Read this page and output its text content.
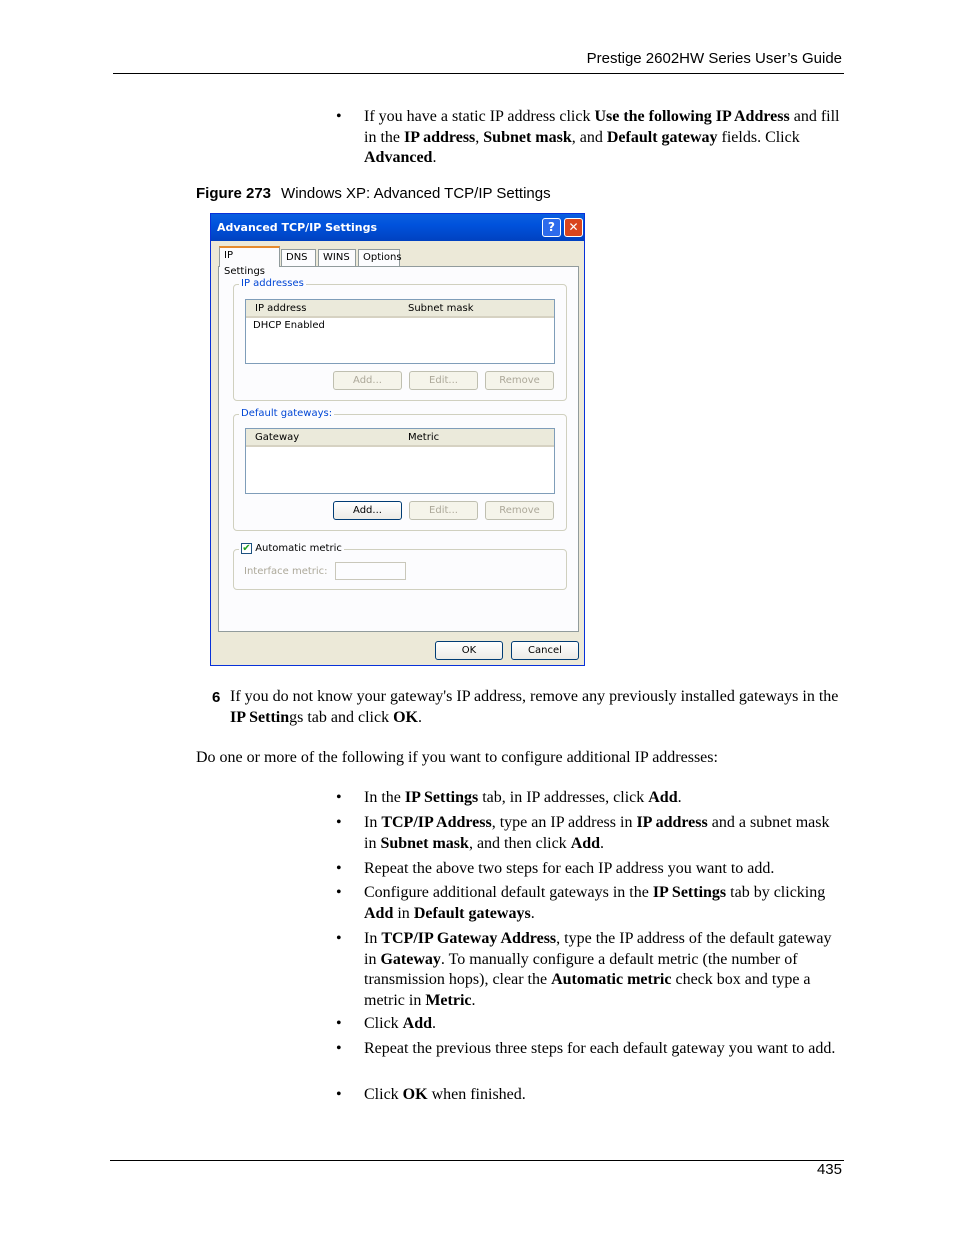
Prestige 2602HW Series User’s Guide
• If you have a static IP address click Use the following IP Address and fill in the IP address, Subnet mask, and Default gateway fields. Click Advanced.
Figure 273 Windows XP: Advanced TCP/IP Settings
Advanced TCP/IP Settings	?	✕
IP Settings
DNS	WINS	Options
IP addresses
IP address	Subnet mask
DHCP Enabled
Add...	Edit...	Remove
Default gateways:
Gateway	Metric
Add...	Edit...	Remove
✔ Automatic metric
Interface metric:
OK	Cancel
6 If you do not know your gateway's IP address, remove any previously installed gateways in the IP Settings tab and click OK.
Do one or more of the following if you want to configure additional IP addresses:
• In the IP Settings tab, in IP addresses, click Add.
• In TCP/IP Address, type an IP address in IP address and a subnet mask in Subnet mask, and then click Add.
• Repeat the above two steps for each IP address you want to add.
• Configure additional default gateways in the IP Settings tab by clicking Add in Default gateways.
• In TCP/IP Gateway Address, type the IP address of the default gateway in Gateway. To manually configure a default metric (the number of transmission hops), clear the Automatic metric check box and type a metric in Metric.
• Click Add.
• Repeat the previous three steps for each default gateway you want to add.
• Click OK when finished.
435
